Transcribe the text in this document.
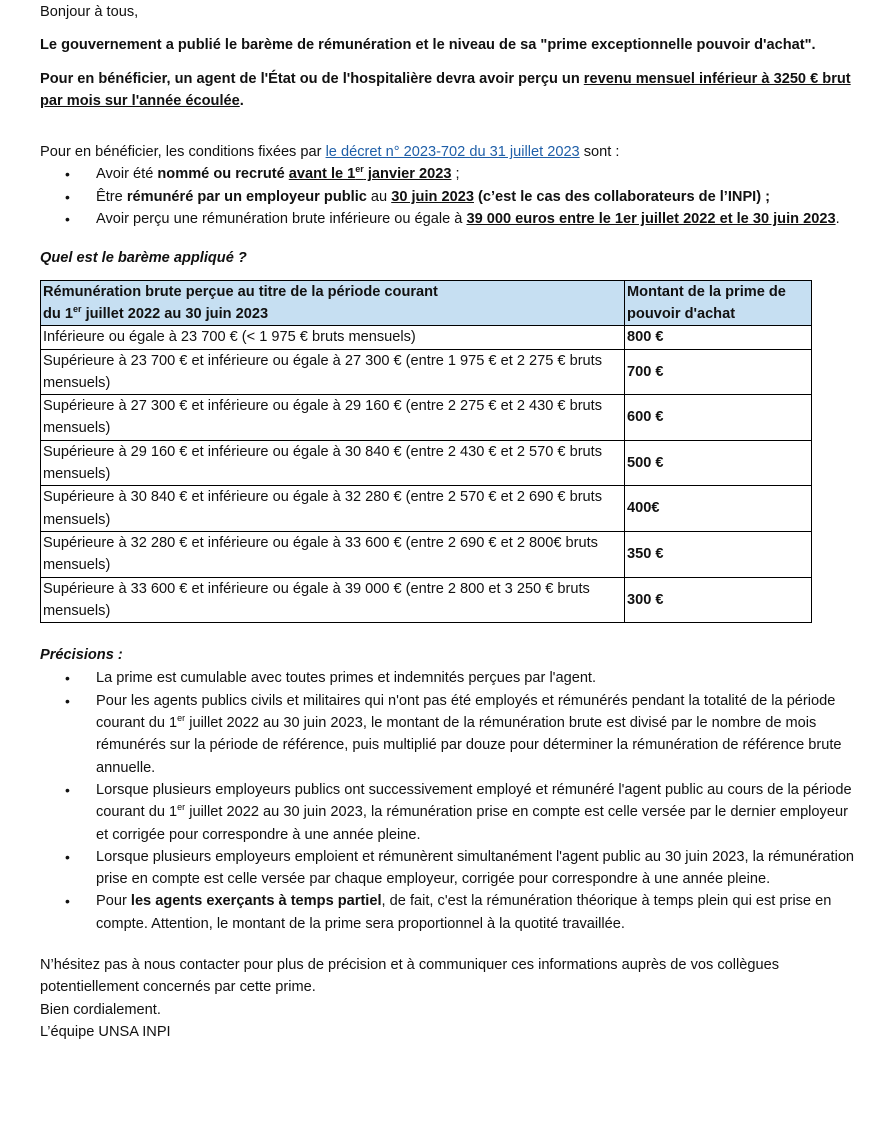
Bonjour à tous,

Le gouvernement a publié le barème de rémunération et le niveau de sa "prime exceptionnelle pouvoir d'achat".

Pour en bénéficier, un agent de l'État ou de l'hospitalière devra avoir perçu un revenu mensuel inférieur à 3250 € brut par mois sur l'année écoulée.

Pour en bénéficier, les conditions fixées par le décret n° 2023-702 du 31 juillet 2023 sont :

• Avoir été nommé ou recruté avant le 1er janvier 2023 ;
• Être rémunéré par un employeur public au 30 juin 2023 (c’est le cas des collaborateurs de l’INPI) ;
• Avoir perçu une rémunération brute inférieure ou égale à 39 000 euros entre le 1er juillet 2022 et le 30 juin 2023.

Quel est le barème appliqué ?

Rémunération brute perçue au titre de la période courant
du 1er juillet 2022 au 30 juin 2023	Montant de la prime de pouvoir d'achat
Inférieure ou égale à 23 700 € (< 1 975 € bruts mensuels)	800 €
Supérieure à 23 700 € et inférieure ou égale à 27 300 € (entre 1 975 € et 2 275 € bruts mensuels)	700 €
Supérieure à 27 300 € et inférieure ou égale à 29 160 € (entre 2 275 € et 2 430 € bruts mensuels)	600 €
Supérieure à 29 160 € et inférieure ou égale à 30 840 € (entre 2 430 € et 2 570 € bruts mensuels)	500 €
Supérieure à 30 840 € et inférieure ou égale à 32 280 € (entre 2 570 € et 2 690 € bruts mensuels)	400€
Supérieure à 32 280 € et inférieure ou égale à 33 600 € (entre 2 690 € et 2 800€ bruts mensuels)	350 €
Supérieure à 33 600 € et inférieure ou égale à 39 000 € (entre 2 800 et 3 250 € bruts mensuels)	300 €

Précisions :

• La prime est cumulable avec toutes primes et indemnités perçues par l'agent.
• Pour les agents publics civils et militaires qui n'ont pas été employés et rémunérés pendant la totalité de la période courant du 1er juillet 2022 au 30 juin 2023, le montant de la rémunération brute est divisé par le nombre de mois rémunérés sur la période de référence, puis multiplié par douze pour déterminer la rémunération de référence brute annuelle.
• Lorsque plusieurs employeurs publics ont successivement employé et rémunéré l'agent public au cours de la période courant du 1er juillet 2022 au 30 juin 2023, la rémunération prise en compte est celle versée par le dernier employeur et corrigée pour correspondre à une année pleine.
• Lorsque plusieurs employeurs emploient et rémunèrent simultanément l'agent public au 30 juin 2023, la rémunération prise en compte est celle versée par chaque employeur, corrigée pour correspondre à une année pleine.
• Pour les agents exerçants à temps partiel, de fait, c'est la rémunération théorique à temps plein qui est prise en compte. Attention, le montant de la prime sera proportionnel à la quotité travaillée.

N’hésitez pas à nous contacter pour plus de précision et à communiquer ces informations auprès de vos collègues potentiellement concernés par cette prime.

Bien cordialement.

L’équipe UNSA INPI
